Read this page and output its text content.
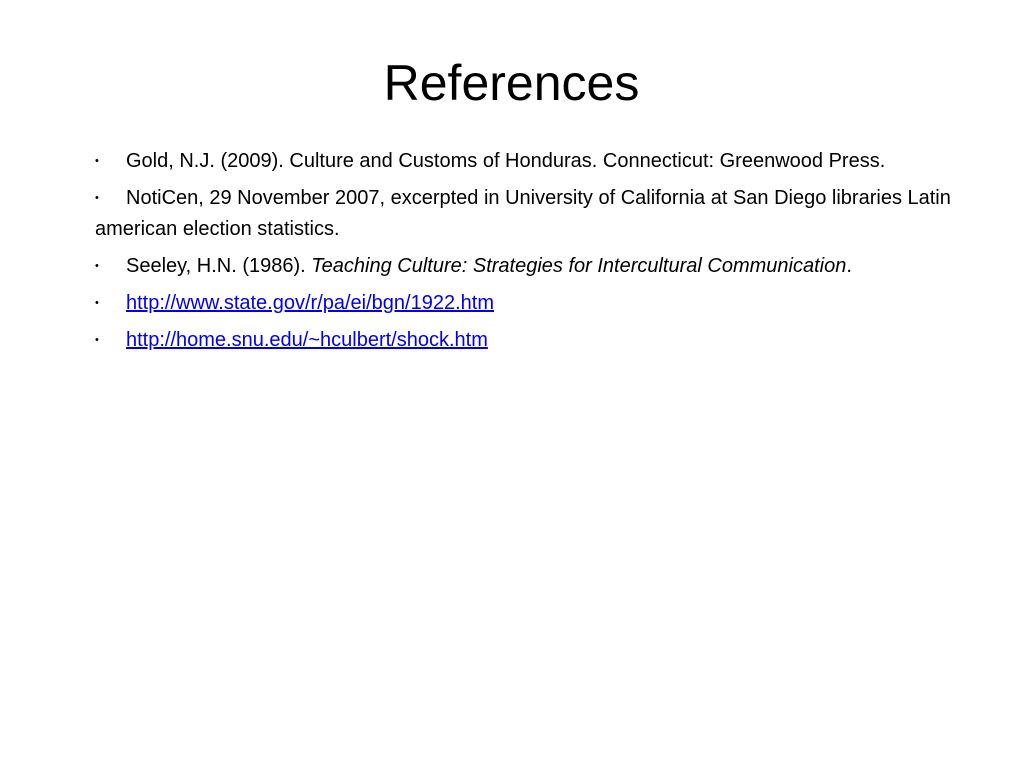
References
• Gold, N.J. (2009). Culture and Customs of Honduras. Connecticut: Greenwood Press.
• NotiCen, 29 November 2007, excerpted in University of California at San Diego libraries Latin american election statistics.
• Seeley, H.N. (1986). Teaching Culture: Strategies for Intercultural Communication.
• http://www.state.gov/r/pa/ei/bgn/1922.htm
• http://home.snu.edu/~hculbert/shock.htm
